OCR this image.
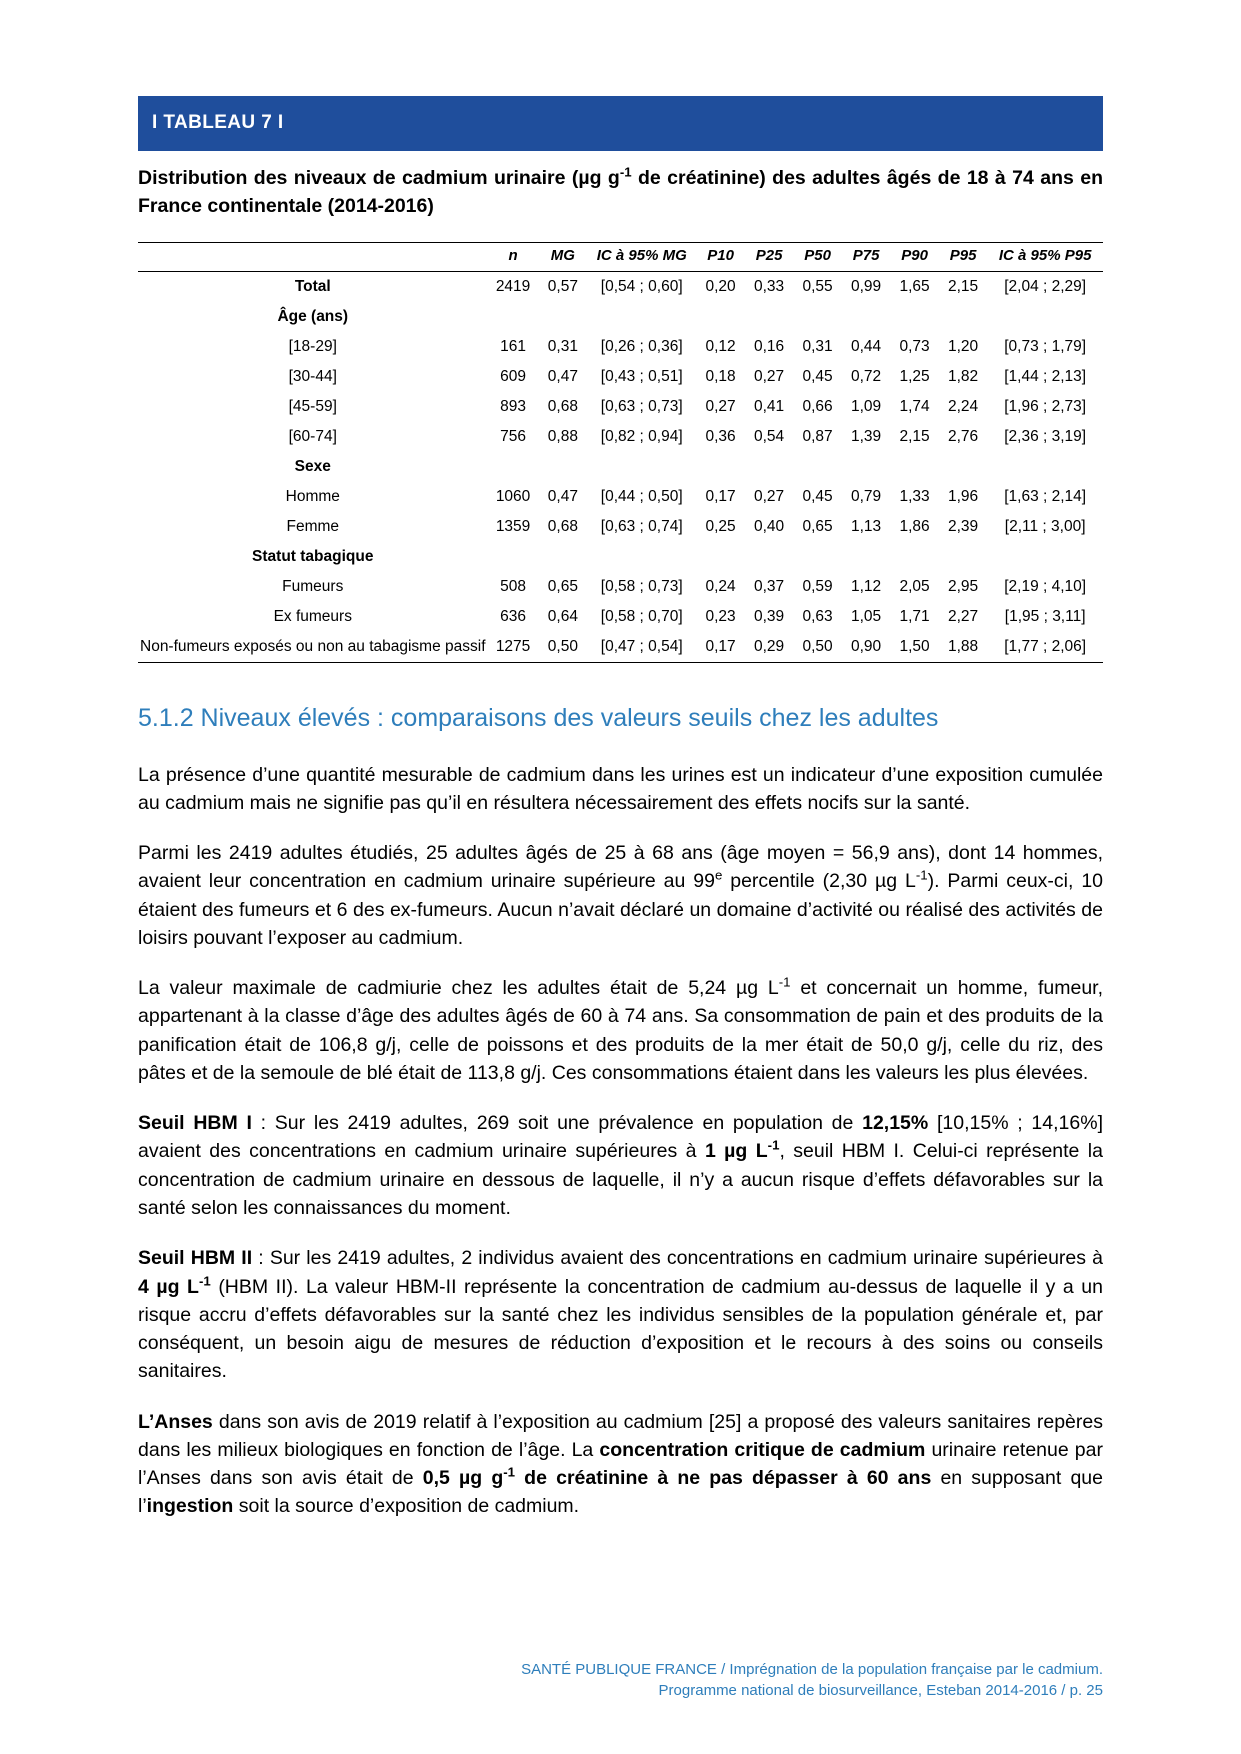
I TABLEAU 7 I
Distribution des niveaux de cadmium urinaire (µg $g^{-1}$ de créatinine) des adultes âgés de 18 à 74 ans en France continentale (2014-2016)
	n	MG	IC à 95% MG	P10	P25	P50	P75	P90	P95	IC à 95% P95
Total	2419	0,57	[0,54 ; 0,60]	0,20	0,33	0,55	0,99	1,65	2,15	[2,04 ; 2,29]
Âge (ans)										
[18-29]	161	0,31	[0,26 ; 0,36]	0,12	0,16	0,31	0,44	0,73	1,20	[0,73 ; 1,79]
[30-44]	609	0,47	[0,43 ; 0,51]	0,18	0,27	0,45	0,72	1,25	1,82	[1,44 ; 2,13]
[45-59]	893	0,68	[0,63 ; 0,73]	0,27	0,41	0,66	1,09	1,74	2,24	[1,96 ; 2,73]
[60-74]	756	0,88	[0,82 ; 0,94]	0,36	0,54	0,87	1,39	2,15	2,76	[2,36 ; 3,19]
Sexe										
Homme	1060	0,47	[0,44 ; 0,50]	0,17	0,27	0,45	0,79	1,33	1,96	[1,63 ; 2,14]
Femme	1359	0,68	[0,63 ; 0,74]	0,25	0,40	0,65	1,13	1,86	2,39	[2,11 ; 3,00]
Statut tabagique										
Fumeurs	508	0,65	[0,58 ; 0,73]	0,24	0,37	0,59	1,12	2,05	2,95	[2,19 ; 4,10]
Ex fumeurs	636	0,64	[0,58 ; 0,70]	0,23	0,39	0,63	1,05	1,71	2,27	[1,95 ; 3,11]
Non-fumeurs exposés ou non au tabagisme passif	1275	0,50	[0,47 ; 0,54]	0,17	0,29	0,50	0,90	1,50	1,88	[1,77 ; 2,06]
5.1.2 Niveaux élevés : comparaisons des valeurs seuils chez les adultes

La présence d’une quantité mesurable de cadmium dans les urines est un indicateur d’une exposition cumulée au cadmium mais ne signifie pas qu’il en résultera nécessairement des effets nocifs sur la santé.

Parmi les 2419 adultes étudiés, 25 adultes âgés de 25 à 68 ans (âge moyen = 56,9 ans), dont 14 hommes, avaient leur concentration en cadmium urinaire supérieure au 99e percentile (2,30 µg $L^{-1}$). Parmi ceux-ci, 10 étaient des fumeurs et 6 des ex-fumeurs. Aucun n’avait déclaré un domaine d’activité ou réalisé des activités de loisirs pouvant l’exposer au cadmium.

La valeur maximale de cadmiurie chez les adultes était de 5,24 µg $L^{-1}$ et concernait un homme, fumeur, appartenant à la classe d’âge des adultes âgés de 60 à 74 ans. Sa consommation de pain et des produits de la panification était de 106,8 g/j, celle de poissons et des produits de la mer était de 50,0 g/j, celle du riz, des pâtes et de la semoule de blé était de 113,8 g/j. Ces consommations étaient dans les valeurs les plus élevées.

Seuil HBM I : Sur les 2419 adultes, 269 soit une prévalence en population de 12,15% [10,15% ; 14,16%] avaient des concentrations en cadmium urinaire supérieures à 1 µg $L^{-1}$, seuil HBM I. Celui-ci représente la concentration de cadmium urinaire en dessous de laquelle, il n’y a aucun risque d’effets défavorables sur la santé selon les connaissances du moment.

Seuil HBM II : Sur les 2419 adultes, 2 individus avaient des concentrations en cadmium urinaire supérieures à 4 µg $L^{-1}$ (HBM II). La valeur HBM-II représente la concentration de cadmium au-dessus de laquelle il y a un risque accru d’effets défavorables sur la santé chez les individus sensibles de la population générale et, par conséquent, un besoin aigu de mesures de réduction d’exposition et le recours à des soins ou conseils sanitaires.

L’Anses dans son avis de 2019 relatif à l’exposition au cadmium [25] a proposé des valeurs sanitaires repères dans les milieux biologiques en fonction de l’âge. La concentration critique de cadmium urinaire retenue par l’Anses dans son avis était de 0,5 µg $g^{-1}$ de créatinine à ne pas dépasser à 60 ans en supposant que l’ingestion soit la source d’exposition de cadmium.

SANTÉ PUBLIQUE FRANCE / Imprégnation de la population française par le cadmium.
Programme national de biosurveillance, Esteban 2014-2016 / p. 25
